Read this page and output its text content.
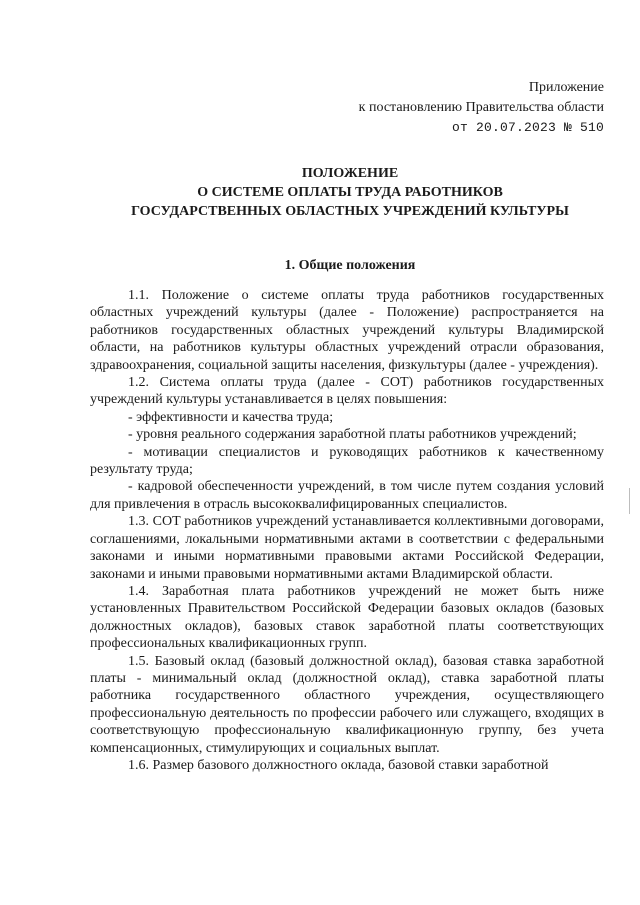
Приложение
к постановлению Правительства области
от 20.07.2023 № 510
ПОЛОЖЕНИЕ
О СИСТЕМЕ ОПЛАТЫ ТРУДА РАБОТНИКОВ
ГОСУДАРСТВЕННЫХ ОБЛАСТНЫХ УЧРЕЖДЕНИЙ КУЛЬТУРЫ
1. Общие положения

1.1. Положение о системе оплаты труда работников государственных областных учреждений культуры (далее - Положение) распространяется на работников государственных областных учреждений культуры Владимирской области, на работников культуры областных учреждений отрасли образования, здравоохранения, социальной защиты населения, физкультуры (далее - учреждения).

1.2. Система оплаты труда (далее - СОТ) работников государственных учреждений культуры устанавливается в целях повышения:

- эффективности и качества труда;

- уровня реального содержания заработной платы работников учреждений;

- мотивации специалистов и руководящих работников к качественному результату труда;

- кадровой обеспеченности учреждений, в том числе путем создания условий для привлечения в отрасль высококвалифицированных специалистов.

1.3. СОТ работников учреждений устанавливается коллективными договорами, соглашениями, локальными нормативными актами в соответствии с федеральными законами и иными нормативными правовыми актами Российской Федерации, законами и иными правовыми нормативными актами Владимирской области.

1.4. Заработная плата работников учреждений не может быть ниже установленных Правительством Российской Федерации базовых окладов (базовых должностных окладов), базовых ставок заработной платы соответствующих профессиональных квалификационных групп.

1.5. Базовый оклад (базовый должностной оклад), базовая ставка заработной платы - минимальный оклад (должностной оклад), ставка заработной платы работника государственного областного учреждения, осуществляющего профессиональную деятельность по профессии рабочего или служащего, входящих в соответствующую профессиональную квалификационную группу, без учета компенсационных, стимулирующих и социальных выплат.

1.6. Размер базового должностного оклада, базовой ставки заработной
